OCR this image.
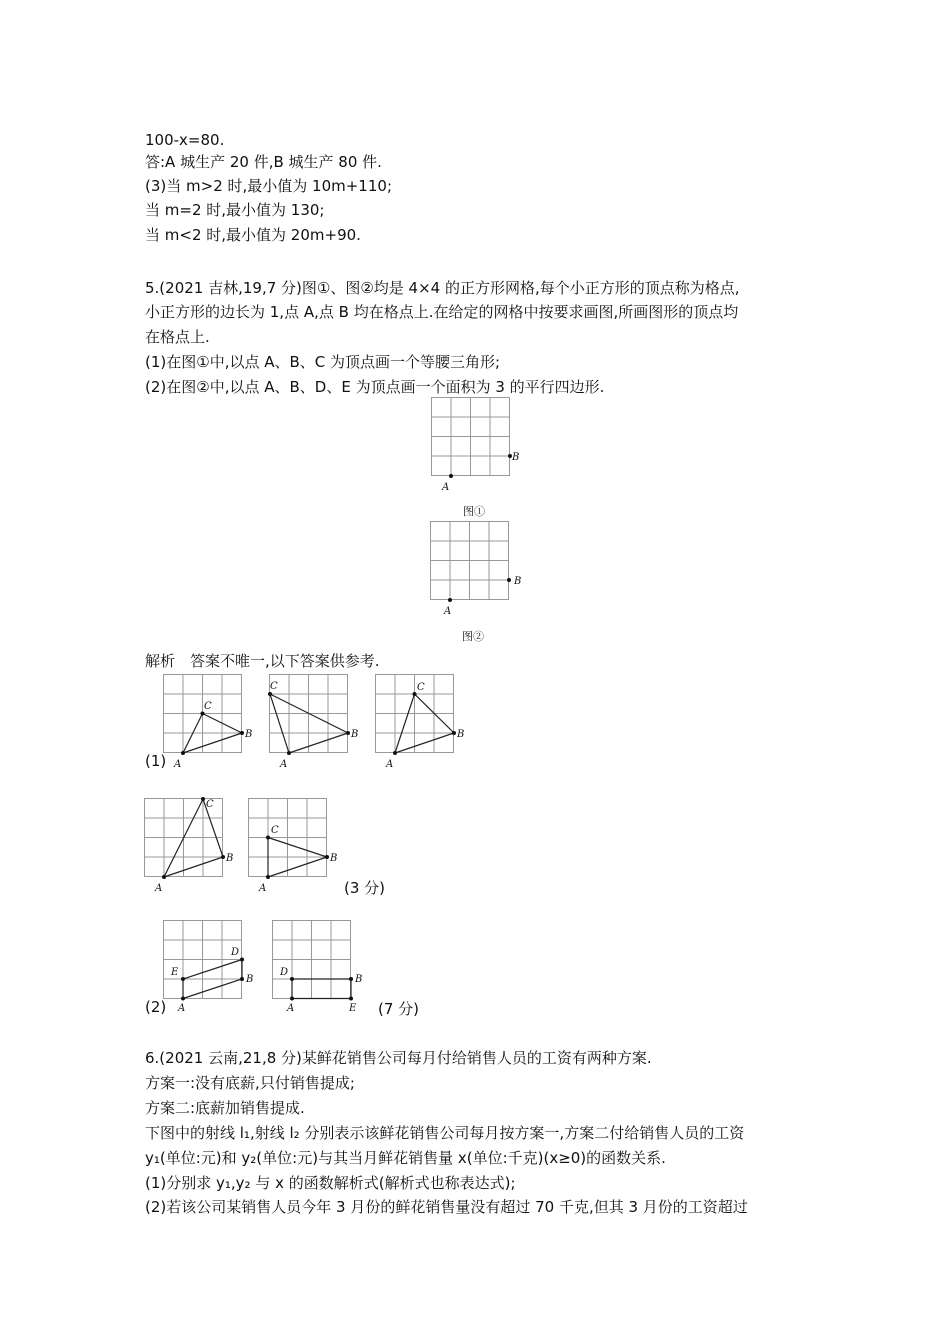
100-x=80.
答:A 城生产 20 件,B 城生产 80 件.
(3)当 m>2 时,最小值为 10m+110;
当 m=2 时,最小值为 130;
当 m<2 时,最小值为 20m+90.
5.(2021 吉林,19,7 分)图①、图②均是 4×4 的正方形网格,每个小正方形的顶点称为格点,
小正方形的边长为 1,点 A,点 B 均在格点上.在给定的网格中按要求画图,所画图形的顶点均
在格点上.
(1)在图①中,以点 A、B、C 为顶点画一个等腰三角形;
(2)在图②中,以点 A、B、D、E 为顶点画一个面积为 3 的平行四边形.
A
B
图①
A
B
图②
解析　答案不唯一,以下答案供参考.
A
B
C
A
B
C
A
B
C
(1)
A
B
C
A
B
C
(3 分)
A
B
D
E
A
B
D
E
(2)	(7 分)
6.(2021 云南,21,8 分)某鲜花销售公司每月付给销售人员的工资有两种方案.
方案一:没有底薪,只付销售提成;
方案二:底薪加销售提成.
下图中的射线 l₁,射线 l₂ 分别表示该鲜花销售公司每月按方案一,方案二付给销售人员的工资
y₁(单位:元)和 y₂(单位:元)与其当月鲜花销售量 x(单位:千克)(x≥0)的函数关系.
(1)分别求 y₁,y₂ 与 x 的函数解析式(解析式也称表达式);
(2)若该公司某销售人员今年 3 月份的鲜花销售量没有超过 70 千克,但其 3 月份的工资超过
